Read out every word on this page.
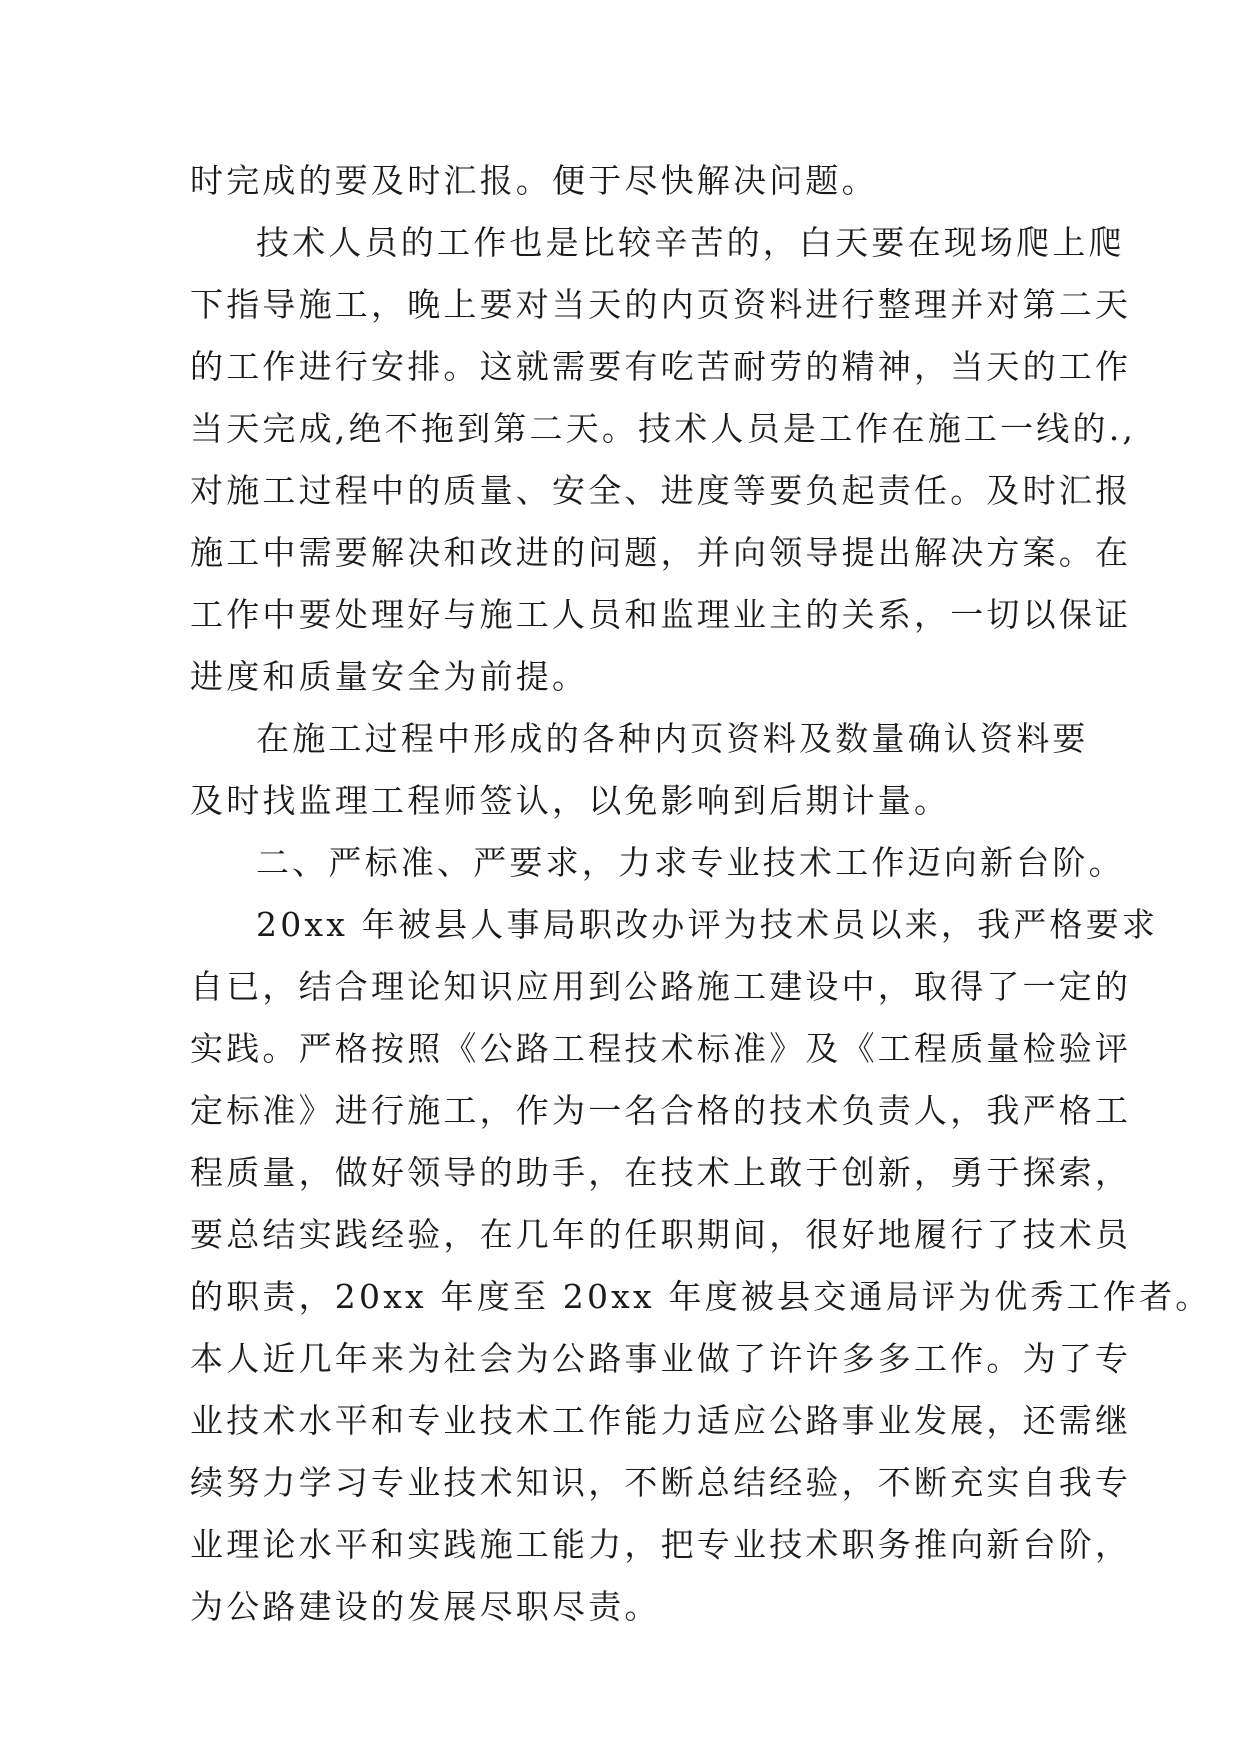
时完成的要及时汇报。便于尽快解决问题。
技术人员的工作也是比较辛苦的，白天要在现场爬上爬
下指导施工，晚上要对当天的内页资料进行整理并对第二天
的工作进行安排。这就需要有吃苦耐劳的精神，当天的工作
当天完成,绝不拖到第二天。技术人员是工作在施工一线的.,
对施工过程中的质量、安全、进度等要负起责任。及时汇报
施工中需要解决和改进的问题，并向领导提出解决方案。在
工作中要处理好与施工人员和监理业主的关系，一切以保证
进度和质量安全为前提。
在施工过程中形成的各种内页资料及数量确认资料要
及时找监理工程师签认，以免影响到后期计量。
二、严标准、严要求，力求专业技术工作迈向新台阶。
20xx 年被县人事局职改办评为技术员以来，我严格要求
自已，结合理论知识应用到公路施工建设中，取得了一定的
实践。严格按照《公路工程技术标准》及《工程质量检验评
定标准》进行施工，作为一名合格的技术负责人，我严格工
程质量，做好领导的助手，在技术上敢于创新，勇于探索，
要总结实践经验，在几年的任职期间，很好地履行了技术员
的职责，20xx 年度至 20xx 年度被县交通局评为优秀工作者。
本人近几年来为社会为公路事业做了许许多多工作。为了专
业技术水平和专业技术工作能力适应公路事业发展，还需继
续努力学习专业技术知识，不断总结经验，不断充实自我专
业理论水平和实践施工能力，把专业技术职务推向新台阶，
为公路建设的发展尽职尽责。
